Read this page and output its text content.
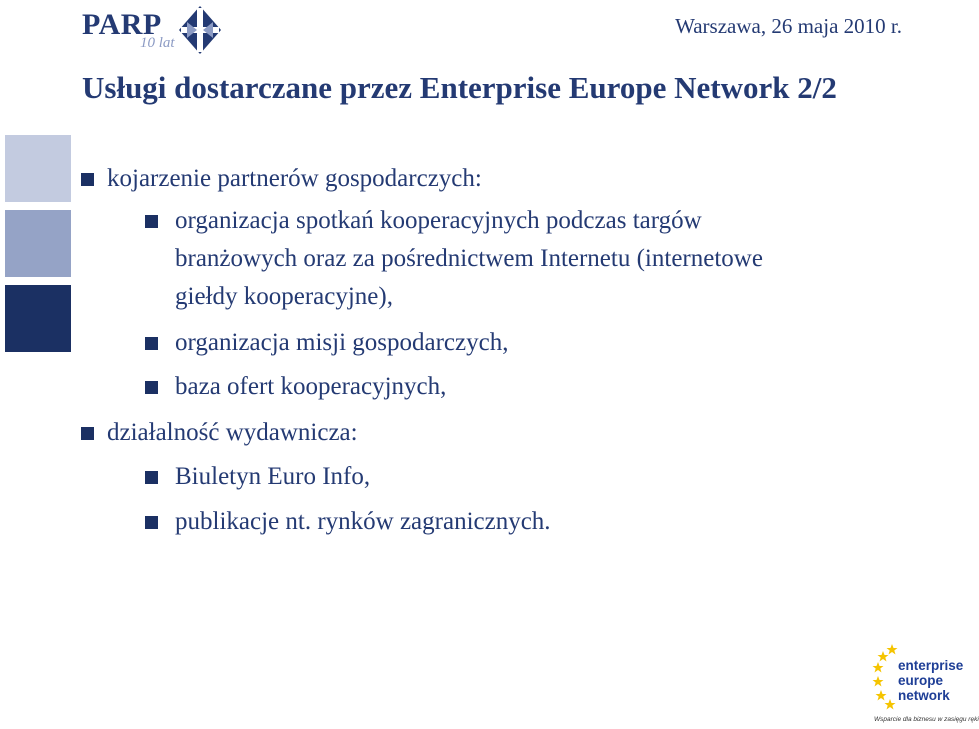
PARP
10 lat
Warszawa, 26 maja 2010 r.
Usługi dostarczane przez Enterprise Europe Network 2/2
kojarzenie partnerów gospodarczych:
organizacja spotkań kooperacyjnych podczas targów
branżowych oraz za pośrednictwem Internetu (internetowe
giełdy kooperacyjne),
organizacja misji gospodarczych,
baza ofert kooperacyjnych,
działalność wydawnicza:
Biuletyn Euro Info,
publikacje nt. rynków zagranicznych.
enterprise
europe
network
Wsparcie dla biznesu w zasięgu ręki
